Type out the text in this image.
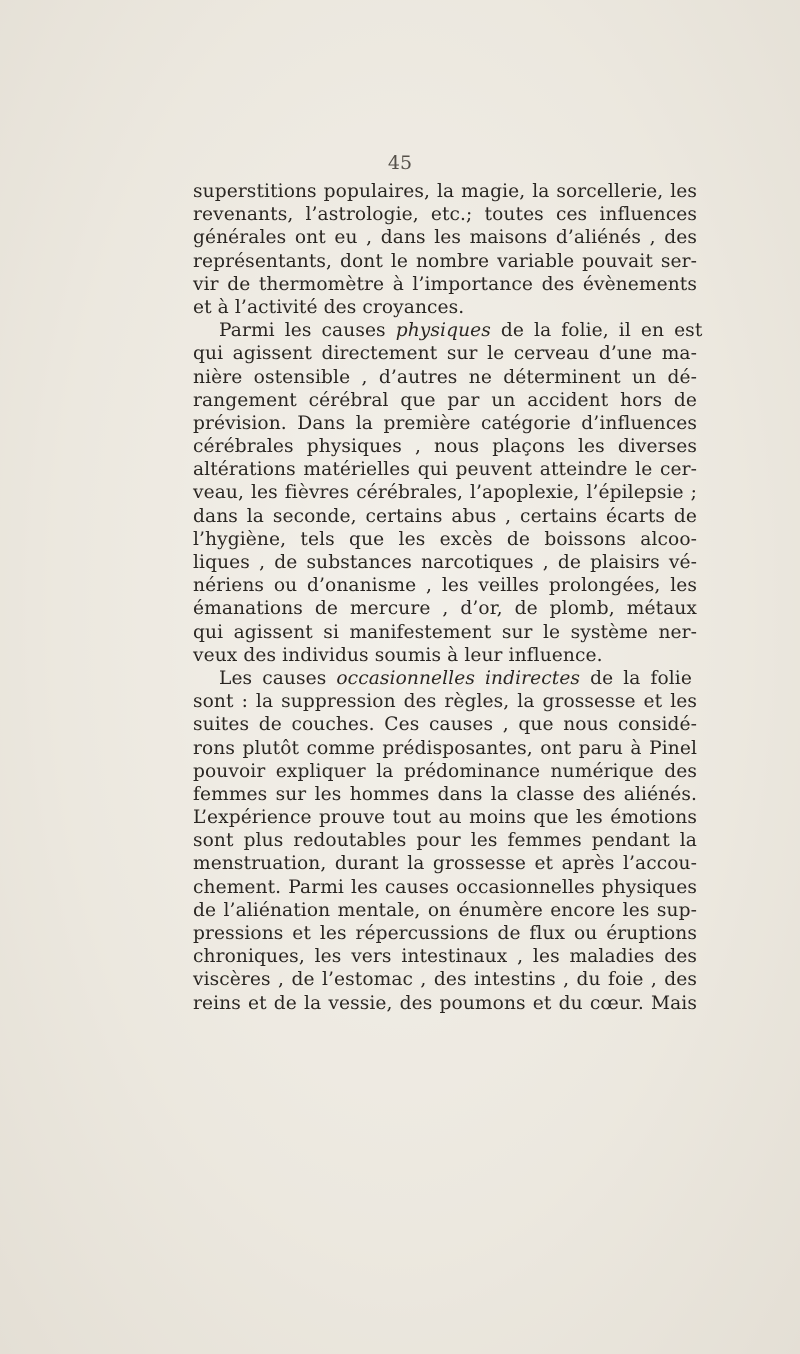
45
superstitions populaires, la magie, la sorcellerie, les
revenants, l’astrologie, etc.; toutes ces influences
générales ont eu , dans les maisons d’aliénés , des
représentants, dont le nombre variable pouvait ser-
vir de thermomètre à l’importance des évènements
et à l’activité des croyances.
Parmi les causes physiques de la folie, il en est
qui agissent directement sur le cerveau d’une ma-
nière ostensible , d’autres ne déterminent un dé-
rangement cérébral que par un accident hors de
prévision. Dans la première catégorie d’influences
cérébrales physiques , nous plaçons les diverses
altérations matérielles qui peuvent atteindre le cer-
veau, les fièvres cérébrales, l’apoplexie, l’épilepsie ;
dans la seconde, certains abus , certains écarts de
l’hygiène, tels que les excès de boissons alcoo-
liques , de substances narcotiques , de plaisirs vé-
nériens ou d’onanisme , les veilles prolongées, les
émanations de mercure , d’or, de plomb, métaux
qui agissent si manifestement sur le système ner-
veux des individus soumis à leur influence.
Les causes occasionnelles indirectes de la folie
sont : la suppression des règles, la grossesse et les
suites de couches. Ces causes , que nous considé-
rons plutôt comme prédisposantes, ont paru à Pinel
pouvoir expliquer la prédominance numérique des
femmes sur les hommes dans la classe des aliénés.
L’expérience prouve tout au moins que les émotions
sont plus redoutables pour les femmes pendant la
menstruation, durant la grossesse et après l’accou-
chement. Parmi les causes occasionnelles physiques
de l’aliénation mentale, on énumère encore les sup-
pressions et les répercussions de flux ou éruptions
chroniques, les vers intestinaux , les maladies des
viscères , de l’estomac , des intestins , du foie , des
reins et de la vessie, des poumons et du cœur. Mais
